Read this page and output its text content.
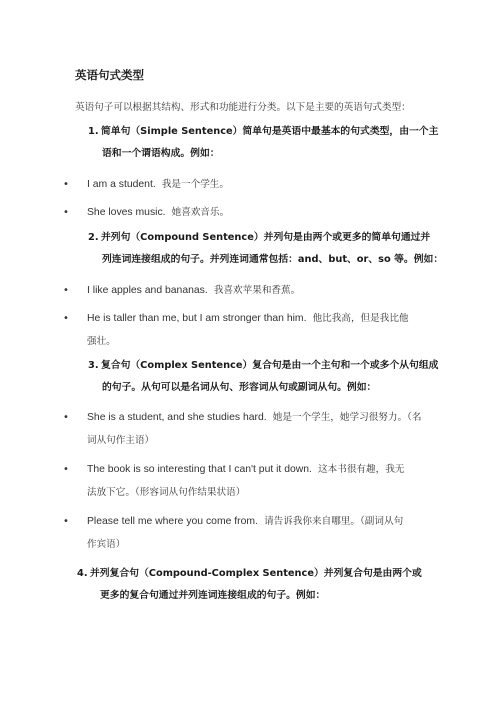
英语句式类型
英语句子可以根据其结构、形式和功能进行分类。以下是主要的英语句式类型：
1. 简单句（Simple Sentence）简单句是英语中最基本的句式类型，由一个主
语和一个谓语构成。例如：
• I am a student. 我是一个学生。
• She loves music. 她喜欢音乐。
2. 并列句（Compound Sentence）并列句是由两个或更多的简单句通过并
列连词连接组成的句子。并列连词通常包括：and、but、or、so 等。例如：
• I like apples and bananas. 我喜欢苹果和香蕉。
• He is taller than me, but I am stronger than him. 他比我高，但是我比他
强壮。
3. 复合句（Complex Sentence）复合句是由一个主句和一个或多个从句组成
的句子。从句可以是名词从句、形容词从句或副词从句。例如：
• She is a student, and she studies hard. 她是一个学生，她学习很努力。（名
词从句作主语）
• The book is so interesting that I can't put it down. 这本书很有趣，我无
法放下它。（形容词从句作结果状语）
• Please tell me where you come from. 请告诉我你来自哪里。（副词从句
作宾语）
4. 并列复合句（Compound-Complex Sentence）并列复合句是由两个或
更多的复合句通过并列连词连接组成的句子。例如：
